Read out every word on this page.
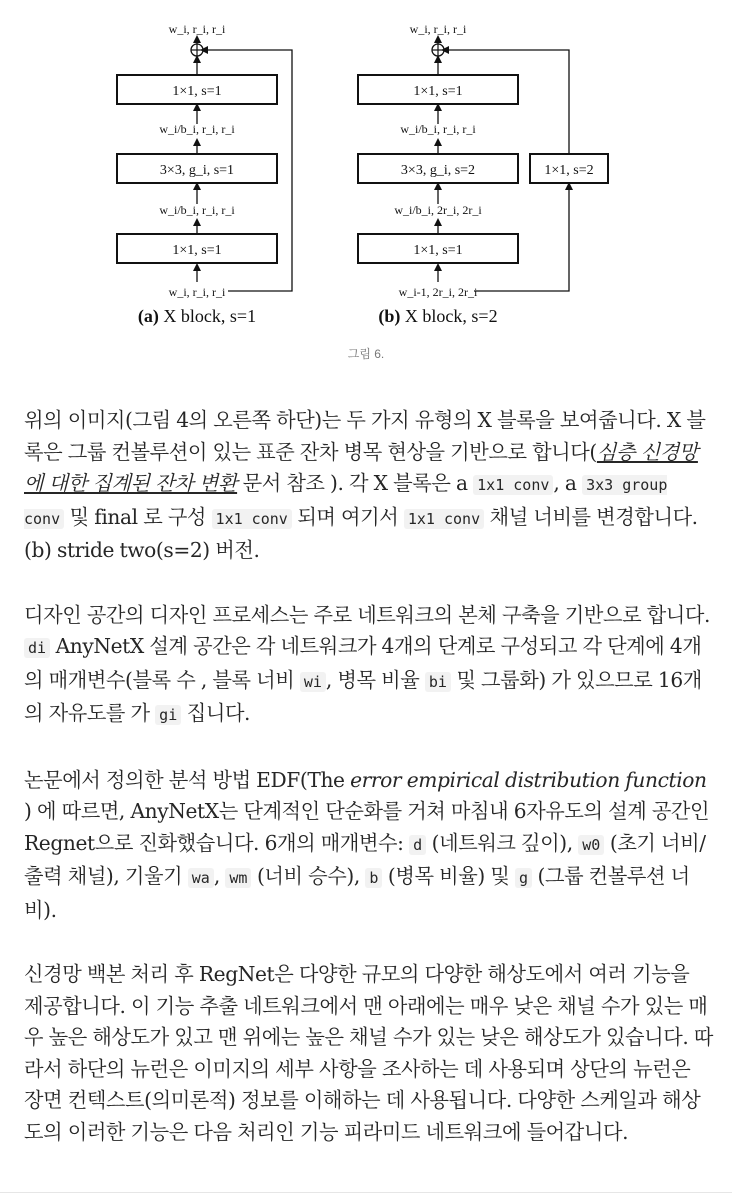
w_i, r_i, r_i
1×1, s=1
w_i/b_i, r_i, r_i
3×3, g_i, s=1
w_i/b_i, r_i, r_i
1×1, s=1
w_i, r_i, r_i
(a) X block, s=1
w_i, r_i, r_i
1×1, s=1
w_i/b_i, r_i, r_i
3×3, g_i, s=2
w_i/b_i, 2r_i, 2r_i
1×1, s=1
w_i-1, 2r_i, 2r_i
1×1, s=2
(b) X block, s=2
그림 6.

위의 이미지(그림 4의 오른쪽 하단)는 두 가지 유형의 X 블록을 보여줍니다. X 블록은 그룹 컨볼루션이 있는 표준 잔차 병목 현상을 기반으로 합니다(심층 신경망에 대한 집계된 잔차 변환 문서 참조 ). 각 X 블록은 a 1x1 conv , a 3x3 group conv 및 final 로 구성 1x1 conv 되며 여기서 1x1 conv 채널 너비를 변경합니다. (b) stride two(s=2) 버전.

디자인 공간의 디자인 프로세스는 주로 네트워크의 본체 구축을 기반으로 합니다. di AnyNetX 설계 공간은 각 네트워크가 4개의 단계로 구성되고 각 단계에 4개의 매개변수(블록 수 , 블록 너비 wi , 병목 비율 bi 및 그룹화) 가 있으므로 16개의 자유도를 가 gi 집니다.

논문에서 정의한 분석 방법 EDF(The error empirical distribution function ) 에 따르면, AnyNetX는 단계적인 단순화를 거쳐 마침내 6자유도의 설계 공간인 Regnet으로 진화했습니다. 6개의 매개변수: d (네트워크 깊이), w0 (초기 너비/출력 채널), 기울기 wa , wm (너비 승수), b (병목 비율) 및 g (그룹 컨볼루션 너비).

신경망 백본 처리 후 RegNet은 다양한 규모의 다양한 해상도에서 여러 기능을 제공합니다. 이 기능 추출 네트워크에서 맨 아래에는 매우 낮은 채널 수가 있는 매우 높은 해상도가 있고 맨 위에는 높은 채널 수가 있는 낮은 해상도가 있습니다. 따라서 하단의 뉴런은 이미지의 세부 사항을 조사하는 데 사용되며 상단의 뉴런은 장면 컨텍스트(의미론적) 정보를 이해하는 데 사용됩니다. 다양한 스케일과 해상도의 이러한 기능은 다음 처리인 기능 피라미드 네트워크에 들어갑니다.
